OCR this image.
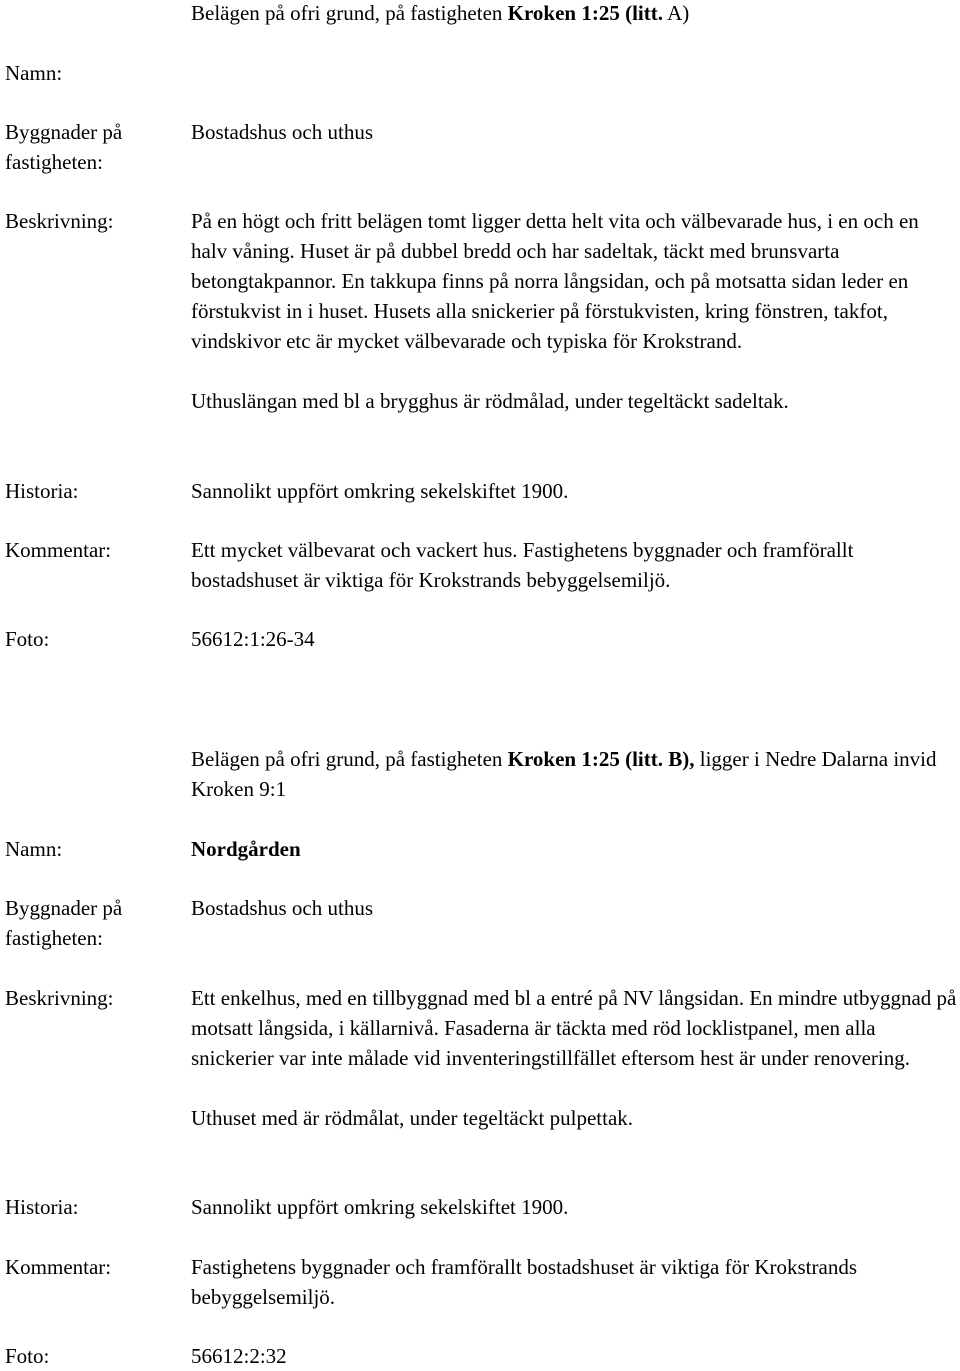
Belägen på ofri grund, på fastigheten Kroken 1:25 (litt. A)
Namn:
Byggnader på fastigheten:
Bostadshus och uthus
Beskrivning:	På en högt och fritt belägen tomt ligger detta helt vita och välbevarade hus, i en och en halv våning. Huset är på dubbel bredd och har sadeltak, täckt med brunsvarta betongtakpannor. En takkupa finns på norra långsidan, och på motsatta sidan leder en förstukvist in i huset. Husets alla snickerier på förstukvisten, kring fönstren, takfot, vindskivor etc är mycket välbevarade och typiska för Krokstrand.

Uthuslängan med bl a brygghus är rödmålad, under tegeltäckt sadeltak.

Historia:	Sannolikt uppfört omkring sekelskiftet 1900.
Kommentar:	Ett mycket välbevarat och vackert hus. Fastighetens byggnader och framförallt bostadshuset är viktiga för Krokstrands bebyggelsemiljö.
Foto:	56612:1:26-34
Belägen på ofri grund, på fastigheten Kroken 1:25 (litt. B), ligger i Nedre Dalarna invid Kroken 9:1
Namn:	Nordgården
Byggnader på fastigheten:
Bostadshus och uthus
Beskrivning:	Ett enkelhus, med en tillbyggnad med bl a entré på NV långsidan. En mindre utbyggnad på motsatt långsida, i källarnivå. Fasaderna är täckta med röd locklistpanel, men alla snickerier var inte målade vid inventeringstillfället eftersom hest är under renovering.

Uthuset med är rödmålat, under tegeltäckt pulpettak.

Historia:	Sannolikt uppfört omkring sekelskiftet 1900.
Kommentar:	Fastighetens byggnader och framförallt bostadshuset är viktiga för Krokstrands bebyggelsemiljö.
Foto:	56612:2:32
